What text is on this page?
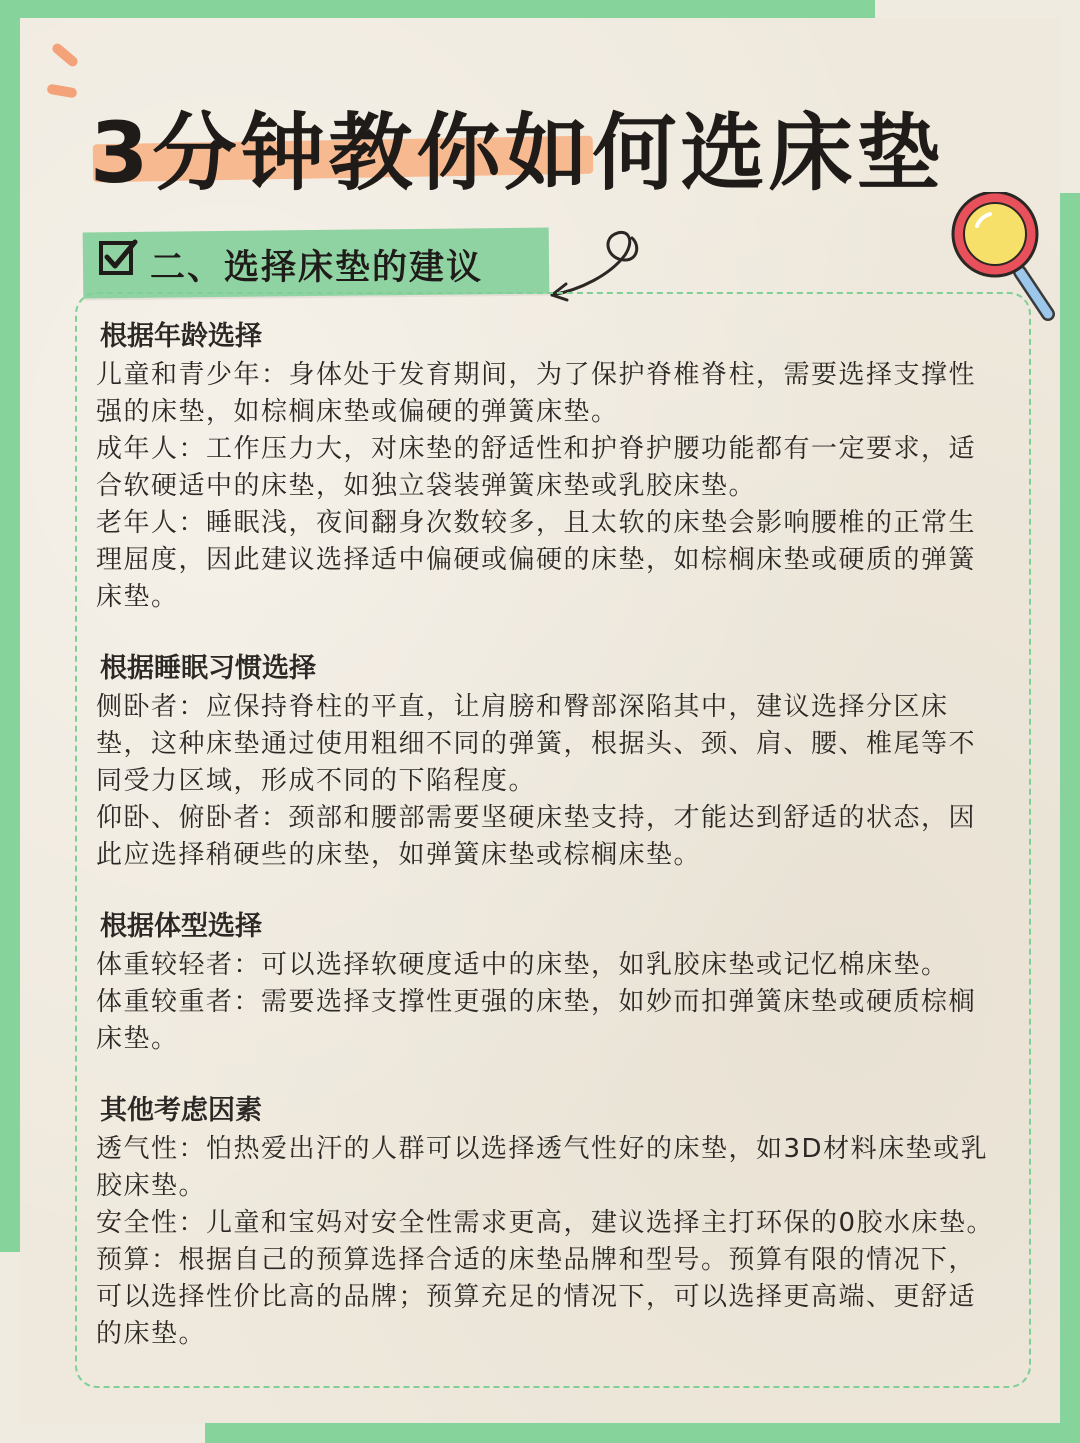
3分钟教你如何选床垫
二、选择床垫的建议
根据年龄选择

儿童和青少年：身体处于发育期间，为了保护脊椎脊柱，需要选择支撑性强的床垫，如棕榈床垫或偏硬的弹簧床垫。

成年人：工作压力大，对床垫的舒适性和护脊护腰功能都有一定要求，适合软硬适中的床垫，如独立袋装弹簧床垫或乳胶床垫。

老年人：睡眠浅，夜间翻身次数较多，且太软的床垫会影响腰椎的正常生理屈度，因此建议选择适中偏硬或偏硬的床垫，如棕榈床垫或硬质的弹簧床垫。

根据睡眠习惯选择

侧卧者：应保持脊柱的平直，让肩膀和臀部深陷其中，建议选择分区床垫，这种床垫通过使用粗细不同的弹簧，根据头、颈、肩、腰、椎尾等不同受力区域，形成不同的下陷程度。

仰卧、俯卧者：颈部和腰部需要坚硬床垫支持，才能达到舒适的状态，因此应选择稍硬些的床垫，如弹簧床垫或棕榈床垫。

根据体型选择

体重较轻者：可以选择软硬度适中的床垫，如乳胶床垫或记忆棉床垫。

体重较重者：需要选择支撑性更强的床垫，如妙而扣弹簧床垫或硬质棕榈床垫。

其他考虑因素

透气性：怕热爱出汗的人群可以选择透气性好的床垫，如3D材料床垫或乳胶床垫。

安全性：儿童和宝妈对安全性需求更高，建议选择主打环保的0胶水床垫。

预算：根据自己的预算选择合适的床垫品牌和型号。预算有限的情况下，可以选择性价比高的品牌；预算充足的情况下，可以选择更高端、更舒适的床垫。
